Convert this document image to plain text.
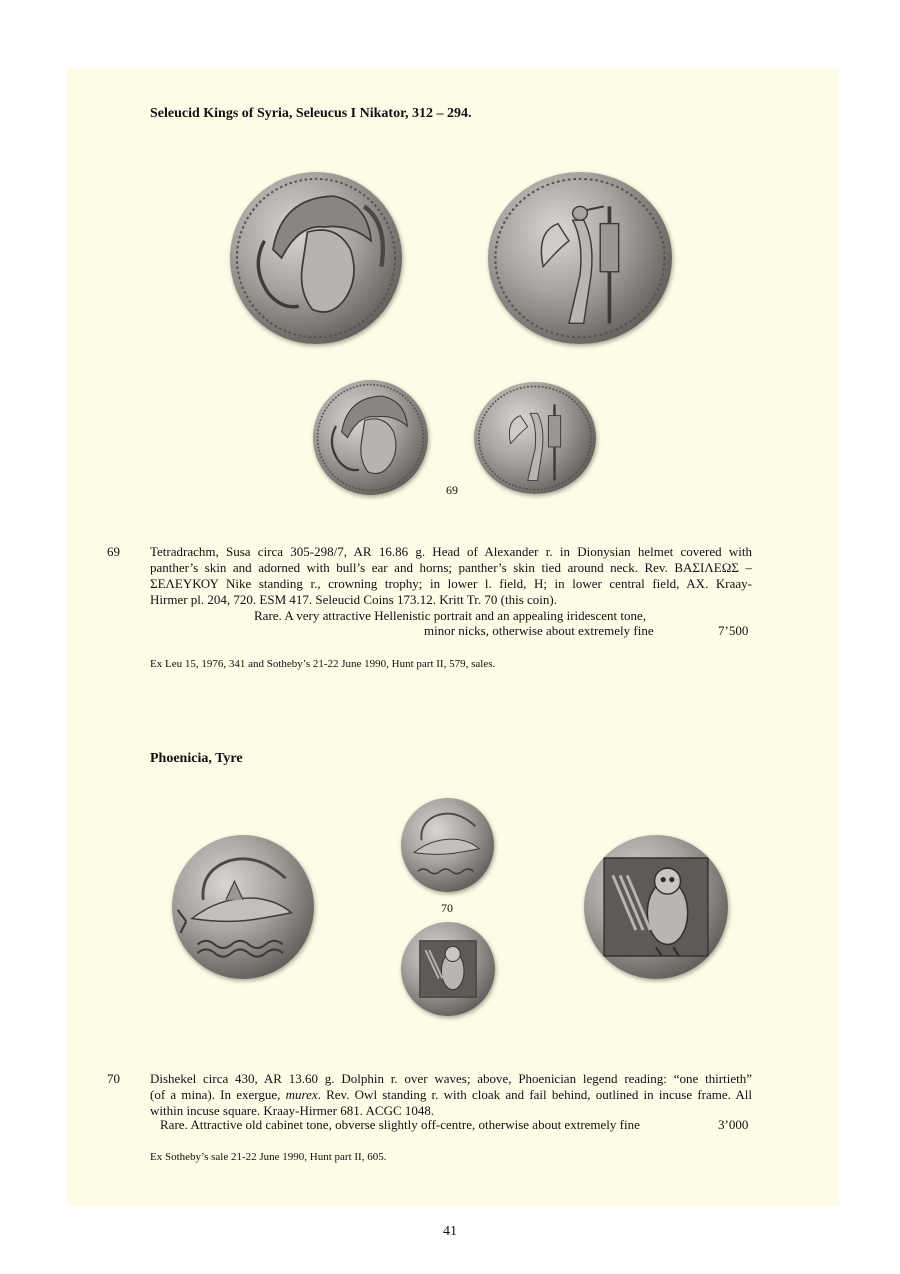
Seleucid Kings of Syria, Seleucus I Nikator, 312 – 294.
69
69 Tetradrachm, Susa circa 305-298/7, AR 16.86 g. Head of Alexander r. in Dionysian helmet covered with
panther’s skin and adorned with bull’s ear and horns; panther’s skin tied around neck. Rev. ΒΑΣΙΛΕΩΣ –
ΣΕΛΕΥΚΟΥ Nike standing r., crowning trophy; in lower l. field, H; in lower central field, AX. Kraay-
Hirmer pl. 204, 720. ESM 417. Seleucid Coins 173.12. Kritt Tr. 70 (this coin).
Rare. A very attractive Hellenistic portrait and an appealing iridescent tone,
minor nicks, otherwise about extremely fine	7’500
Ex Leu 15, 1976, 341 and Sotheby’s 21-22 June 1990, Hunt part II, 579, sales.
Phoenicia, Tyre
70
70 Dishekel circa 430, AR 13.60 g. Dolphin r. over waves; above, Phoenician legend reading: “one thirtieth”
(of a mina). In exergue, murex. Rev. Owl standing r. with cloak and fail behind, outlined in incuse frame. All
within incuse square. Kraay-Hirmer 681. ACGC 1048.
Rare. Attractive old cabinet tone, obverse slightly off-centre, otherwise about extremely fine	3’000
Ex Sotheby’s sale 21-22 June 1990, Hunt part II, 605.
41
